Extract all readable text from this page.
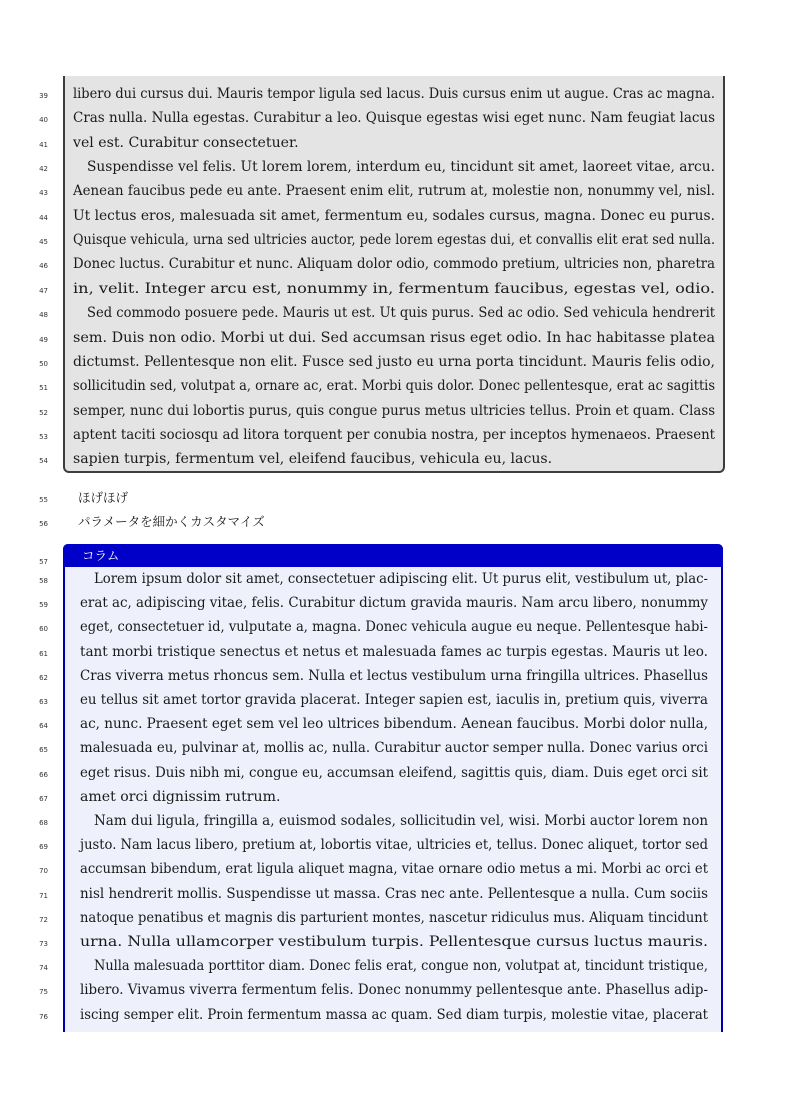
コラム
57
39 libero dui cursus dui. Mauris tempor ligula sed lacus. Duis cursus enim ut augue. Cras ac magna.
40 Cras nulla. Nulla egestas. Curabitur a leo. Quisque egestas wisi eget nunc. Nam feugiat lacus
41 vel est. Curabitur consectetuer.
42	Suspendisse vel felis. Ut lorem lorem, interdum eu, tincidunt sit amet, laoreet vitae, arcu.
43 Aenean faucibus pede eu ante. Praesent enim elit, rutrum at, molestie non, nonummy vel, nisl.
44 Ut lectus eros, malesuada sit amet, fermentum eu, sodales cursus, magna. Donec eu purus.
45 Quisque vehicula, urna sed ultricies auctor, pede lorem egestas dui, et convallis elit erat sed nulla.
46 Donec luctus. Curabitur et nunc. Aliquam dolor odio, commodo pretium, ultricies non, pharetra
47 in, velit. Integer arcu est, nonummy in, fermentum faucibus, egestas vel, odio.
48	Sed commodo posuere pede. Mauris ut est. Ut quis purus. Sed ac odio. Sed vehicula hendrerit
49 sem. Duis non odio. Morbi ut dui. Sed accumsan risus eget odio. In hac habitasse platea
50 dictumst. Pellentesque non elit. Fusce sed justo eu urna porta tincidunt. Mauris felis odio,
51 sollicitudin sed, volutpat a, ornare ac, erat. Morbi quis dolor. Donec pellentesque, erat ac sagittis
52 semper, nunc dui lobortis purus, quis congue purus metus ultricies tellus. Proin et quam. Class
53 aptent taciti sociosqu ad litora torquent per conubia nostra, per inceptos hymenaeos. Praesent
54 sapien turpis, fermentum vel, eleifend faucibus, vehicula eu, lacus.
55 ほげほげ
56 パラメータを細かくカスタマイズ
58	Lorem ipsum dolor sit amet, consectetuer adipiscing elit. Ut purus elit, vestibulum ut, plac-
59 erat ac, adipiscing vitae, felis. Curabitur dictum gravida mauris. Nam arcu libero, nonummy
60 eget, consectetuer id, vulputate a, magna. Donec vehicula augue eu neque. Pellentesque habi-
61 tant morbi tristique senectus et netus et malesuada fames ac turpis egestas. Mauris ut leo.
62 Cras viverra metus rhoncus sem. Nulla et lectus vestibulum urna fringilla ultrices. Phasellus
63 eu tellus sit amet tortor gravida placerat. Integer sapien est, iaculis in, pretium quis, viverra
64 ac, nunc. Praesent eget sem vel leo ultrices bibendum. Aenean faucibus. Morbi dolor nulla,
65 malesuada eu, pulvinar at, mollis ac, nulla. Curabitur auctor semper nulla. Donec varius orci
66 eget risus. Duis nibh mi, congue eu, accumsan eleifend, sagittis quis, diam. Duis eget orci sit
67 amet orci dignissim rutrum.
68	Nam dui ligula, fringilla a, euismod sodales, sollicitudin vel, wisi. Morbi auctor lorem non
69 justo. Nam lacus libero, pretium at, lobortis vitae, ultricies et, tellus. Donec aliquet, tortor sed
70 accumsan bibendum, erat ligula aliquet magna, vitae ornare odio metus a mi. Morbi ac orci et
71 nisl hendrerit mollis. Suspendisse ut massa. Cras nec ante. Pellentesque a nulla. Cum sociis
72 natoque penatibus et magnis dis parturient montes, nascetur ridiculus mus. Aliquam tincidunt
73 urna. Nulla ullamcorper vestibulum turpis. Pellentesque cursus luctus mauris.
74	Nulla malesuada porttitor diam. Donec felis erat, congue non, volutpat at, tincidunt tristique,
75 libero. Vivamus viverra fermentum felis. Donec nonummy pellentesque ante. Phasellus adip-
76 iscing semper elit. Proin fermentum massa ac quam. Sed diam turpis, molestie vitae, placerat
